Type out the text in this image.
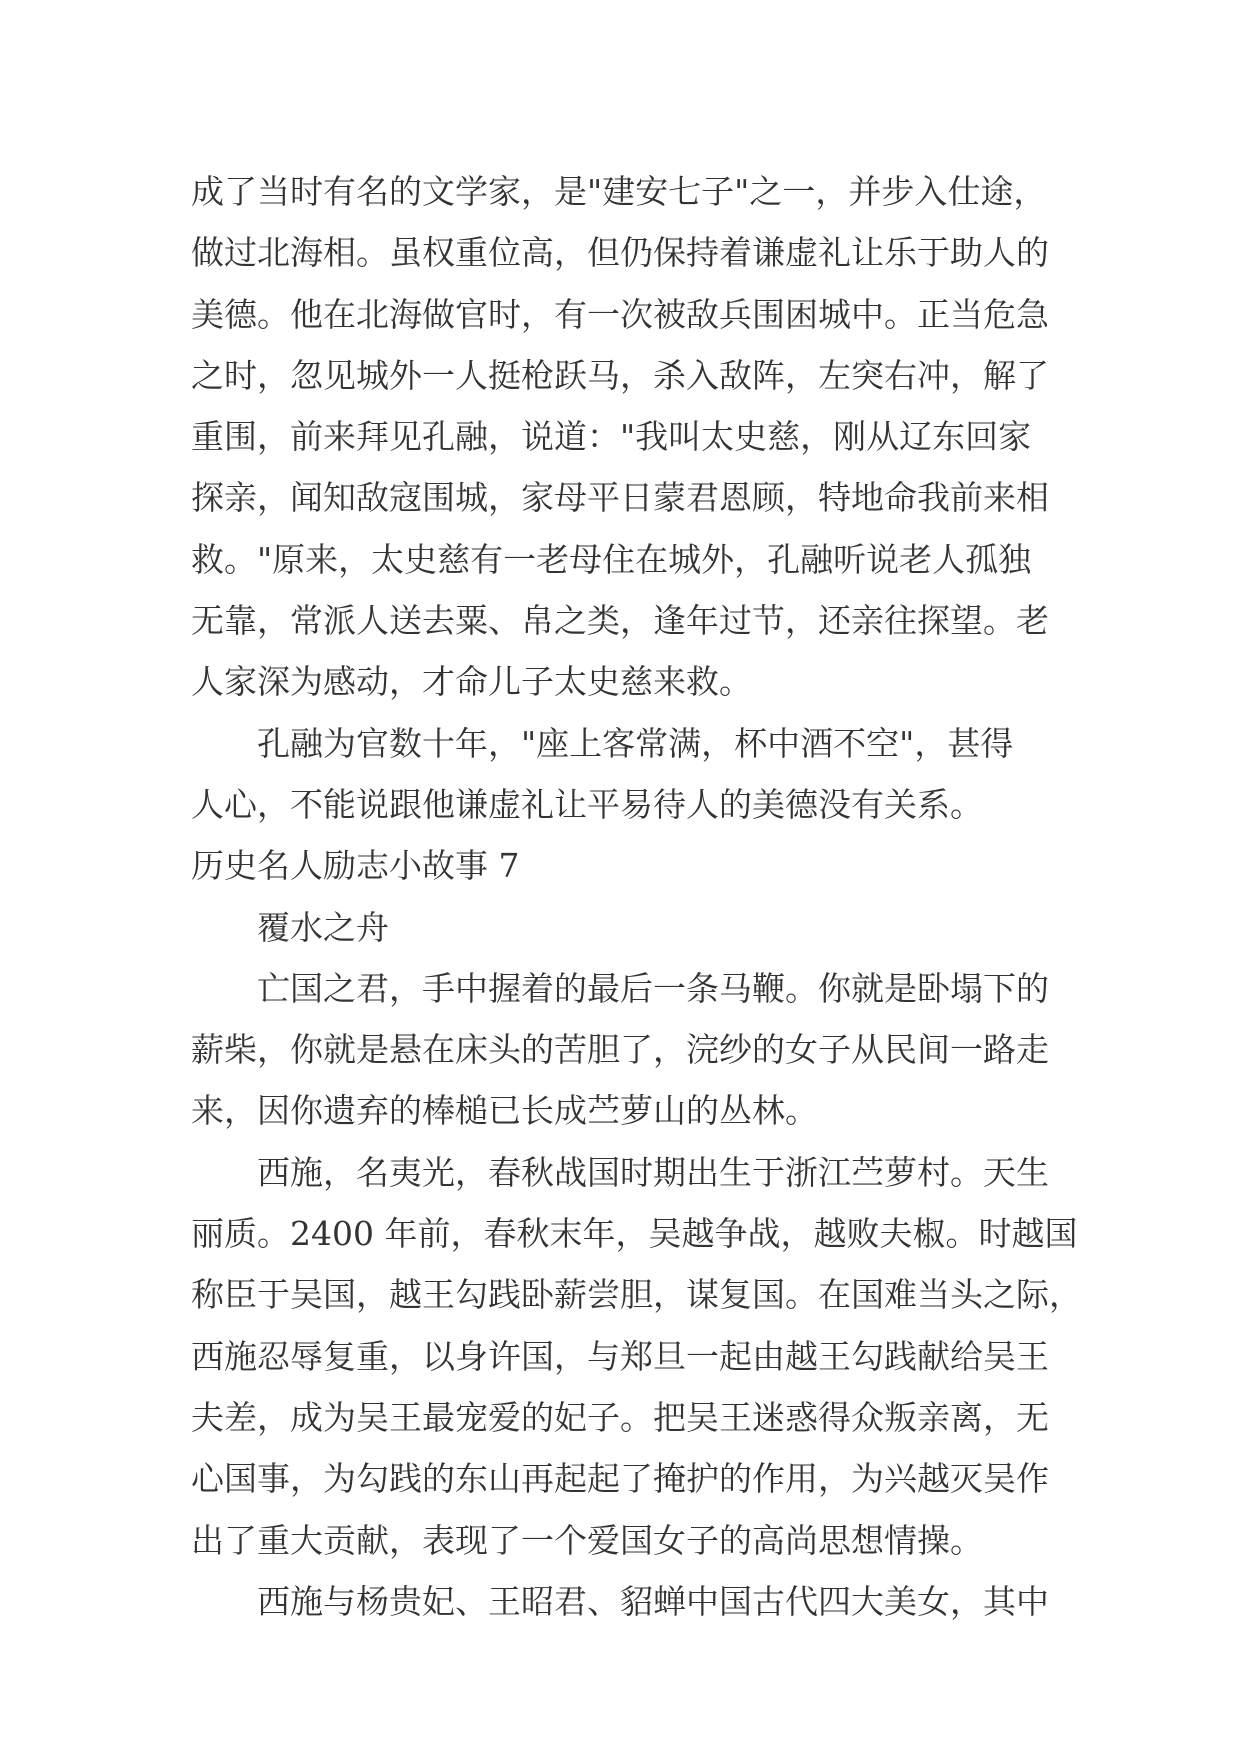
成了当时有名的文学家，是"建安七子"之一，并步入仕途，
做过北海相。虽权重位高，但仍保持着谦虚礼让乐于助人的
美德。他在北海做官时，有一次被敌兵围困城中。正当危急
之时，忽见城外一人挺枪跃马，杀入敌阵，左突右冲，解了
重围，前来拜见孔融，说道："我叫太史慈，刚从辽东回家
探亲，闻知敌寇围城，家母平日蒙君恩顾，特地命我前来相
救。"原来，太史慈有一老母住在城外，孔融听说老人孤独
无靠，常派人送去粟、帛之类，逢年过节，还亲往探望。老
人家深为感动，才命儿子太史慈来救。
孔融为官数十年，"座上客常满，杯中酒不空"，甚得
人心，不能说跟他谦虚礼让平易待人的美德没有关系。
历史名人励志小故事 7
覆水之舟
亡国之君，手中握着的最后一条马鞭。你就是卧塌下的
薪柴，你就是悬在床头的苦胆了，浣纱的女子从民间一路走
来，因你遗弃的棒槌已长成苎萝山的丛林。
西施，名夷光，春秋战国时期出生于浙江苎萝村。天生
丽质。2400 年前，春秋末年，吴越争战，越败夫椒。时越国
称臣于吴国，越王勾践卧薪尝胆，谋复国。在国难当头之际，
西施忍辱复重，以身许国，与郑旦一起由越王勾践献给吴王
夫差，成为吴王最宠爱的妃子。把吴王迷惑得众叛亲离，无
心国事，为勾践的东山再起起了掩护的作用，为兴越灭吴作
出了重大贡献，表现了一个爱国女子的高尚思想情操。
西施与杨贵妃、王昭君、貂蝉中国古代四大美女，其中
